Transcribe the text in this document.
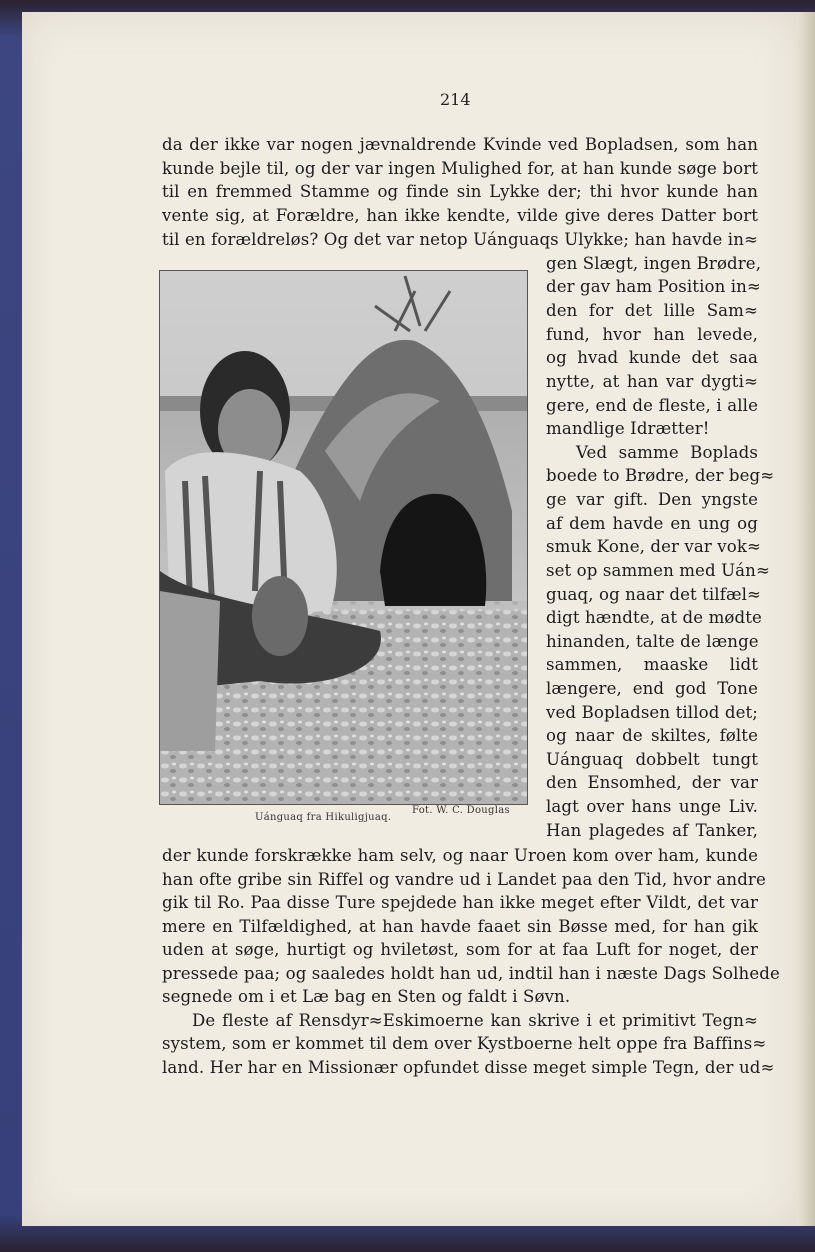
214
da der ikke var nogen jævnaldrende Kvinde ved Bopladsen, som han
kunde bejle til, og der var ingen Mulighed for, at han kunde søge bort
til en fremmed Stamme og finde sin Lykke der; thi hvor kunde han
vente sig, at Forældre, han ikke kendte, vilde give deres Datter bort
til en forældreløs? Og det var netop Uánguaqs Ulykke; han havde in≈
gen Slægt, ingen Brødre,
der gav ham Position in≈
den for det lille Sam≈
fund, hvor han levede,
og hvad kunde det saa
nytte, at han var dygti≈
gere, end de fleste, i alle
mandlige Idrætter!
Ved samme Boplads
boede to Brødre, der beg≈
ge var gift. Den yngste
af dem havde en ung og
smuk Kone, der var vok≈
set op sammen med Uán≈
guaq, og naar det tilfæl≈
digt hændte, at de mødte
hinanden, talte de længe
sammen, maaske lidt
længere, end god Tone
ved Bopladsen tillod det;
og naar de skiltes, følte
Uánguaq dobbelt tungt
den Ensomhed, der var
lagt over hans unge Liv.
Han plagedes af Tanker,
Fot. W. C. Douglas
Uánguaq fra Hikuligjuaq.
der kunde forskrække ham selv, og naar Uroen kom over ham, kunde
han ofte gribe sin Riffel og vandre ud i Landet paa den Tid, hvor andre
gik til Ro. Paa disse Ture spejdede han ikke meget efter Vildt, det var
mere en Tilfældighed, at han havde faaet sin Bøsse med, for han gik
uden at søge, hurtigt og hviletøst, som for at faa Luft for noget, der
pressede paa; og saaledes holdt han ud, indtil han i næste Dags Solhede
segnede om i et Læ bag en Sten og faldt i Søvn.
De fleste af Rensdyr≈Eskimoerne kan skrive i et primitivt Tegn≈
system, som er kommet til dem over Kystboerne helt oppe fra Baffins≈
land. Her har en Missionær opfundet disse meget simple Tegn, der ud≈
